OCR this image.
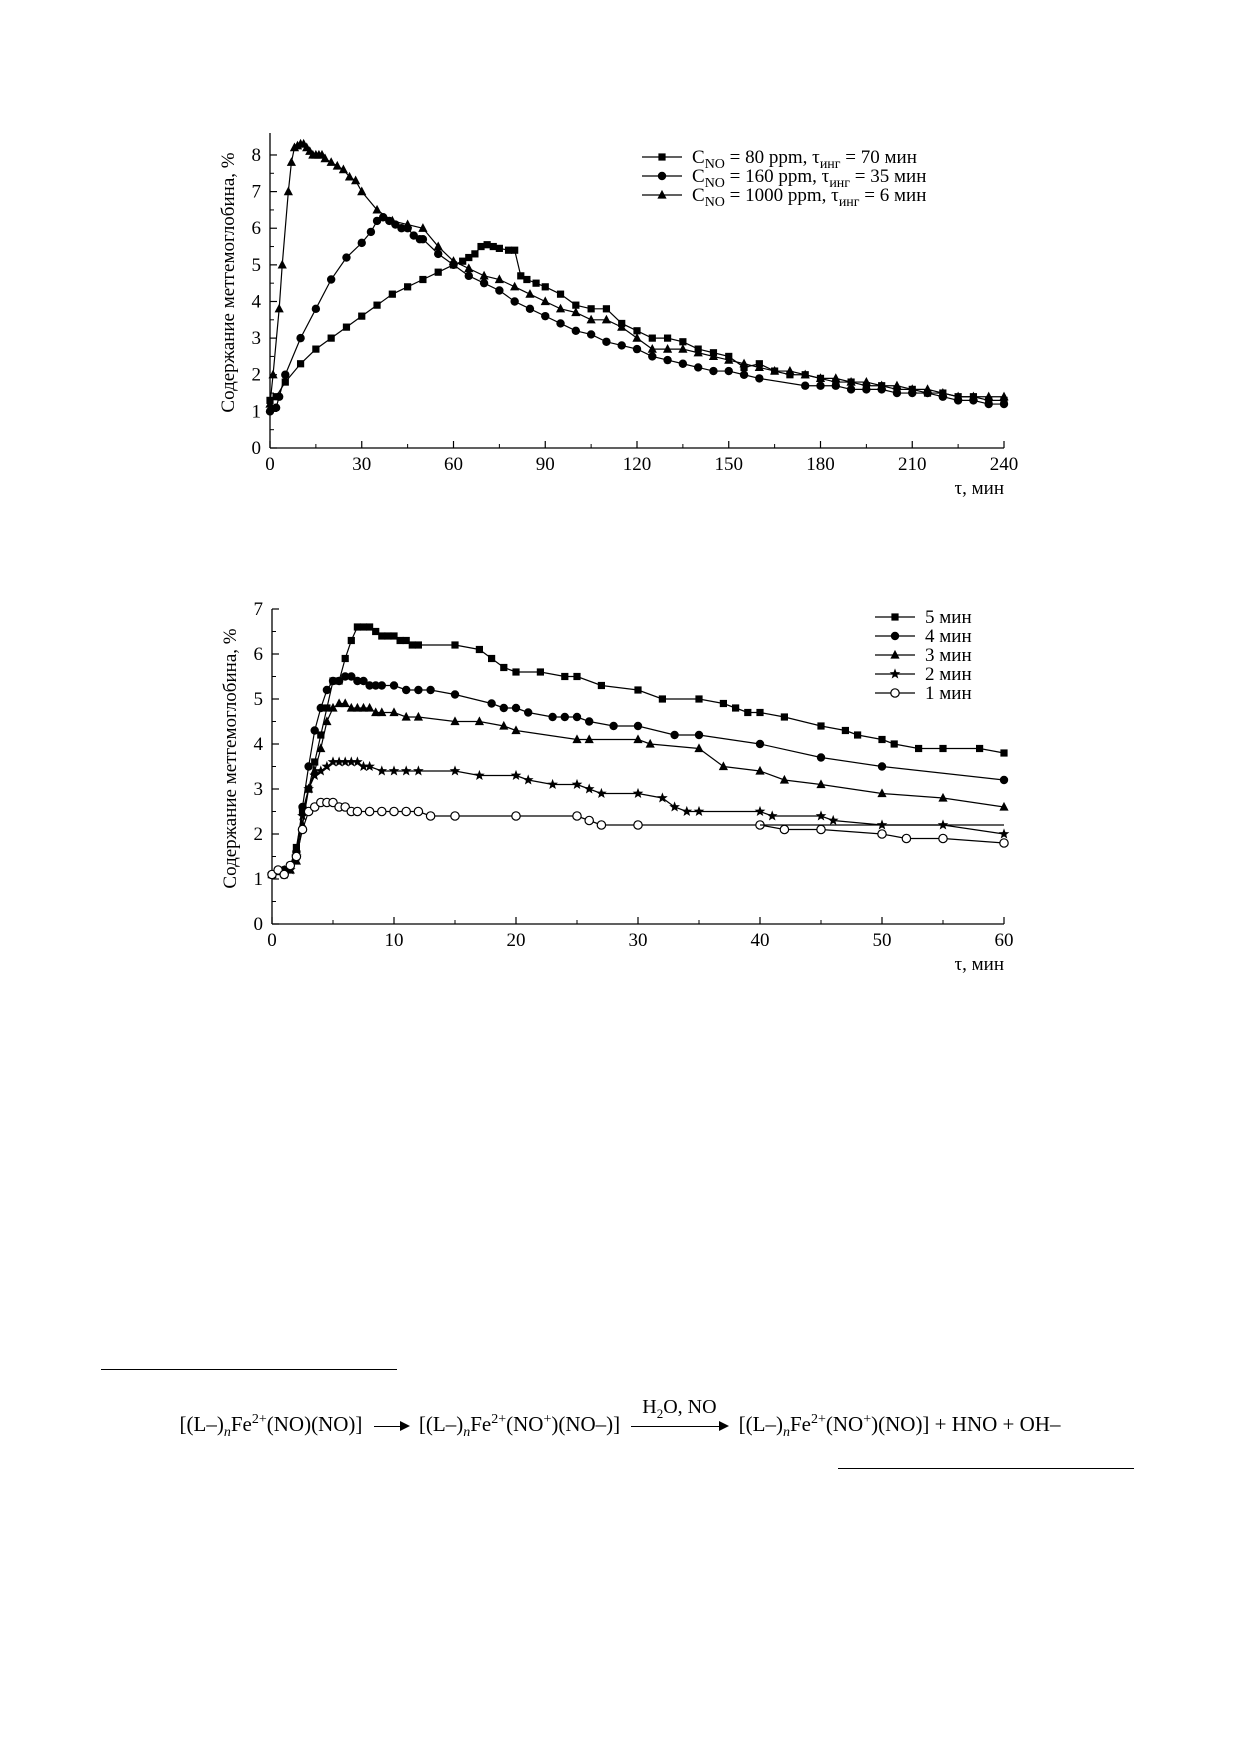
0	30	60	90	120	150	180	210	240
0
1
2
3
4
5
6
7
8
Содержание метгемоглобина, %
τ, мин
$C_{NO} = 80$ ppm, $\tau_{инг} = 70$ мин
$C_{NO} = 160$ ppm, $\tau_{инг} = 35$ мин
$C_{NO} = 1000$ ppm, $\tau_{инг} = 6$ мин
0	10	20	30	40	50	60
0
1
2
3
4
5
6
7
Содержание метгемоглобина, %
τ, мин
5 мин
4 мин
3 мин
2 мин
1 мин
$[(L-)_nFe^{2+}(NO)(NO)] \to [(L-)_nFe^{2+}(NO^+)(NO-)]$
$H_2O$, NO
$[(L-)_nFe^{2+}(NO^+)(NO)]$ + HNO + OH–
